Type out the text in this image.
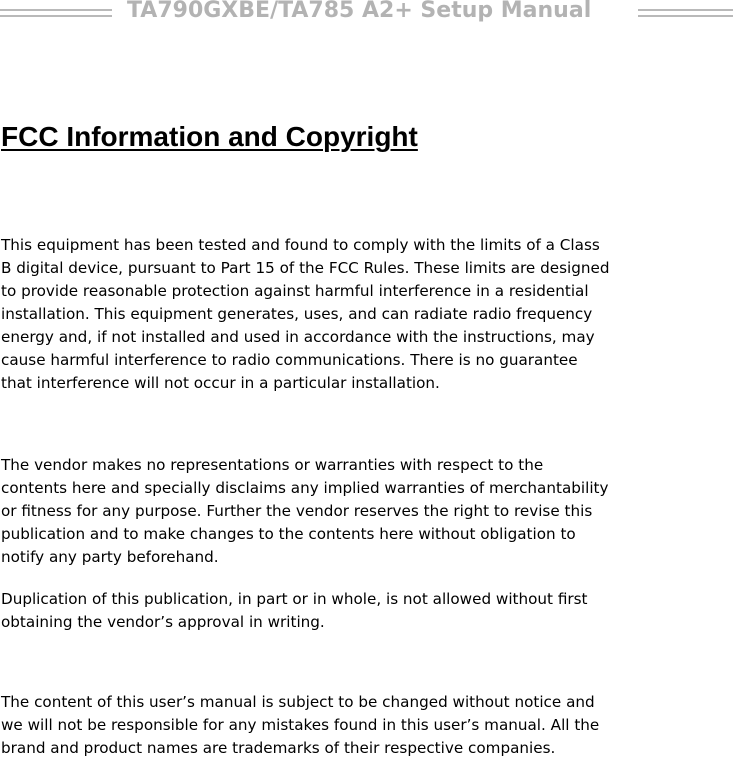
TA790GXBE/TA785 A2+ Setup Manual
FCC Information and Copyright

This equipment has been tested and found to comply with the limits of a Class
B digital device, pursuant to Part 15 of the FCC Rules. These limits are designed
to provide reasonable protection against harmful interference in a residential
installation. This equipment generates, uses, and can radiate radio frequency
energy and, if not installed and used in accordance with the instructions, may
cause harmful interference to radio communications. There is no guarantee
that interference will not occur in a particular installation.

The vendor makes no representations or warranties with respect to the
contents here and specially disclaims any implied warranties of merchantability
or fitness for any purpose. Further the vendor reserves the right to revise this
publication and to make changes to the contents here without obligation to
notify any party beforehand.

Duplication of this publication, in part or in whole, is not allowed without first
obtaining the vendor’s approval in writing.

The content of this user’s manual is subject to be changed without notice and
we will not be responsible for any mistakes found in this user’s manual. All the
brand and product names are trademarks of their respective companies.
